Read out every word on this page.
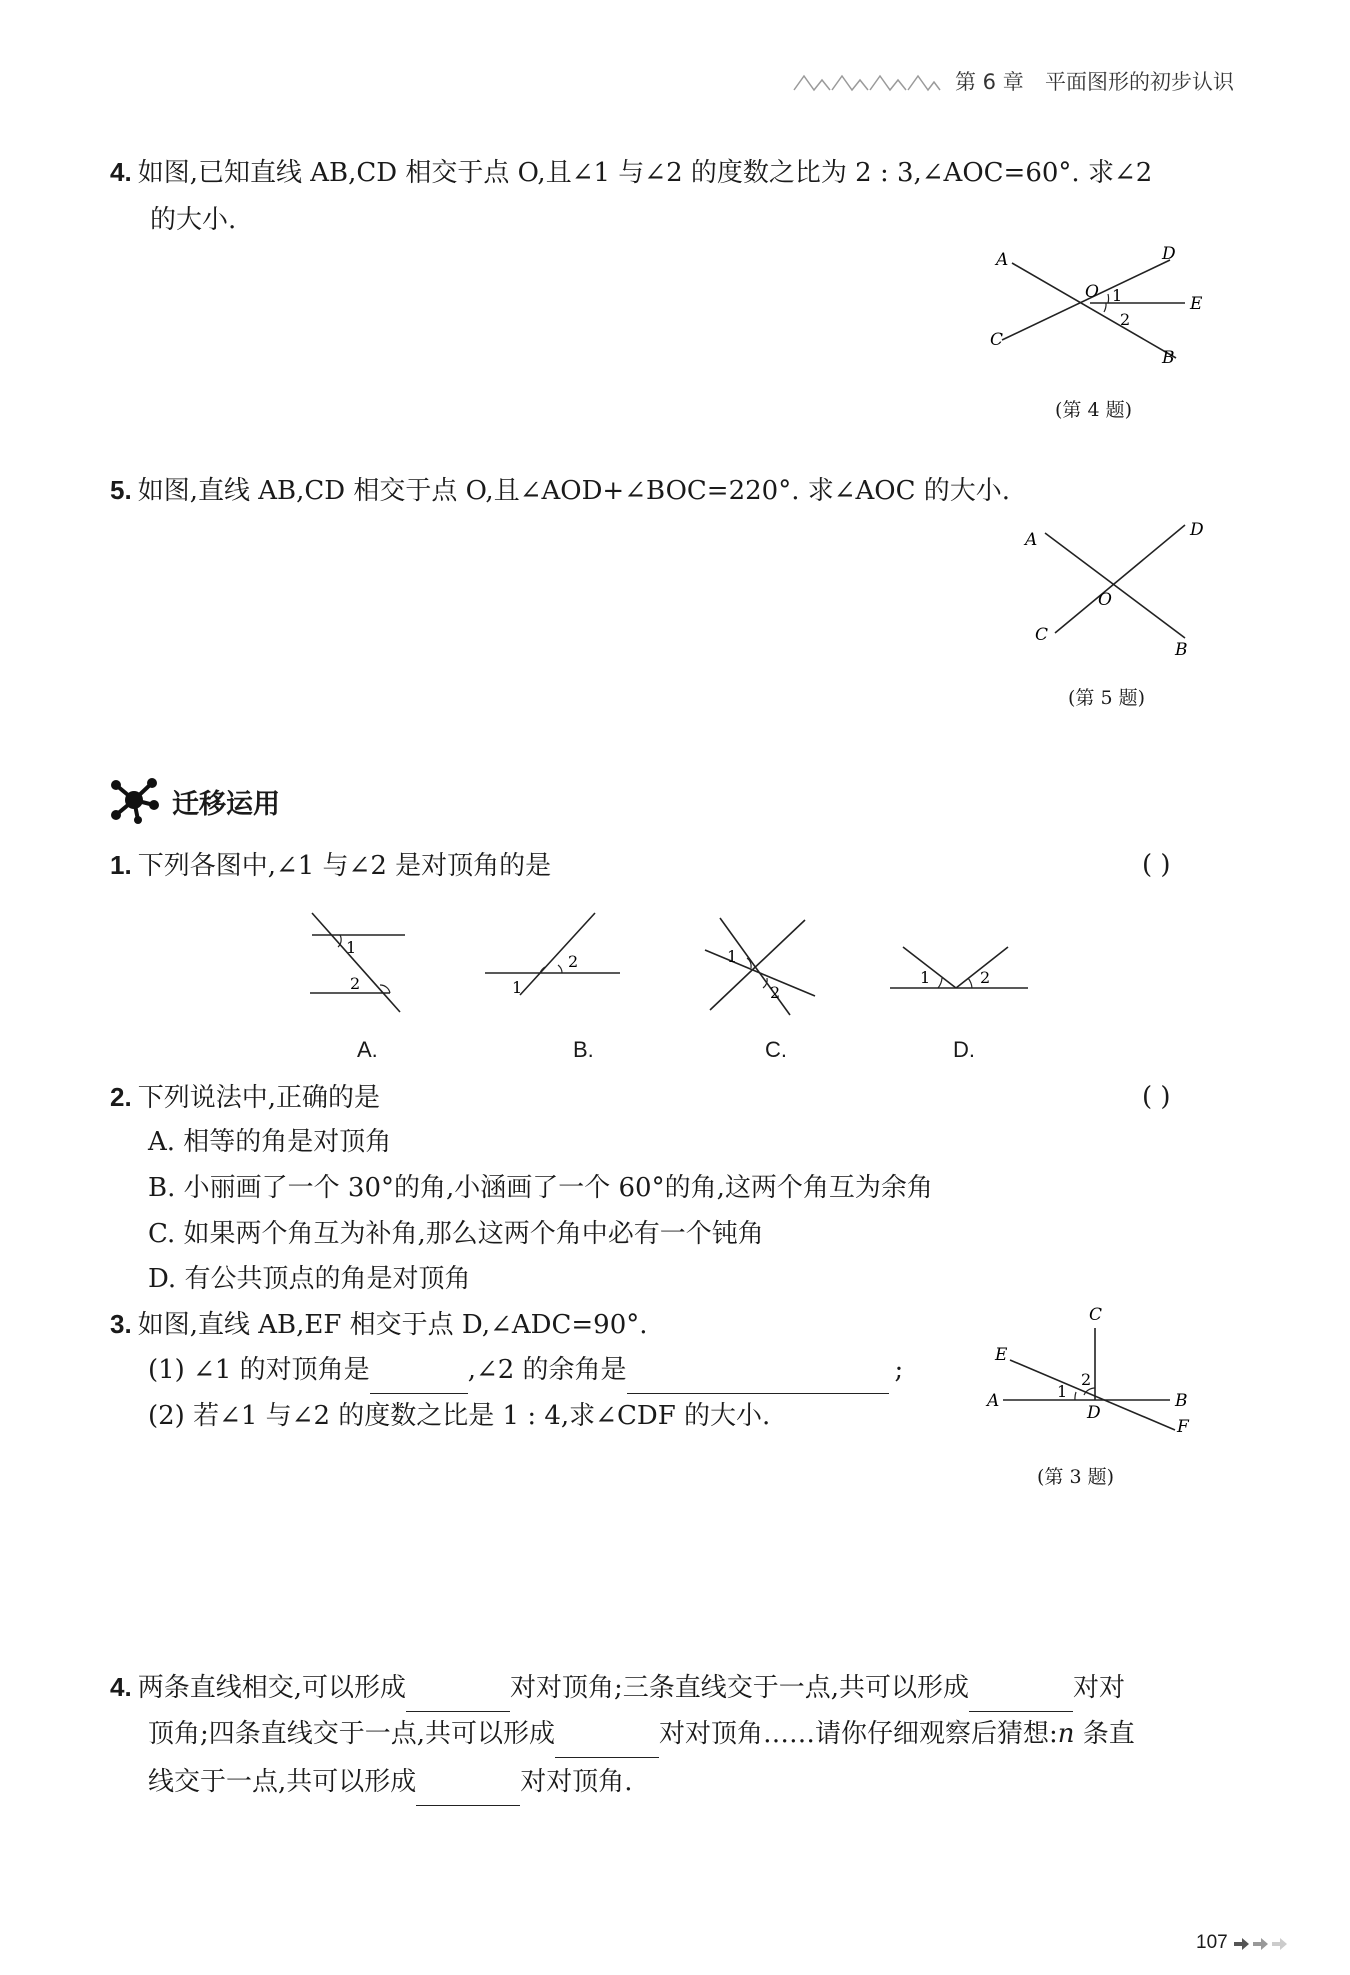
第 6 章 平面图形的初步认识
4. 如图,已知直线 AB,CD 相交于点 O,且∠1 与∠2 的度数之比为 2 : 3,∠AOC=60°. 求∠2
的大小.
A
B
C
D
E
O 1
2
(第 4 题)
5. 如图,直线 AB,CD 相交于点 O,且∠AOD+∠BOC=220°. 求∠AOC 的大小.
A
B
C
D
O
(第 5 题)
迁移运用
1. 下列各图中,∠1 与∠2 是对顶角的是	( )
1
2	1
2	1
2
1	2
A.	B.	C.	D.
2. 下列说法中,正确的是	( )
A. 相等的角是对顶角
B. 小丽画了一个 30°的角,小涵画了一个 60°的角,这两个角互为余角
C. 如果两个角互为补角,那么这两个角中必有一个钝角
D. 有公共顶点的角是对顶角
3. 如图,直线 AB,EF 相交于点 D,∠ADC=90°.
(1) ∠1 的对顶角是	,∠2 的余角是	;
(2) 若∠1 与∠2 的度数之比是 1 : 4,求∠CDF 的大小.
C
E
A	B
D
F
1
2
(第 3 题)
4. 两条直线相交,可以形成	对对顶角;三条直线交于一点,共可以形成	对对
顶角;四条直线交于一点,共可以形成	对对顶角……请你仔细观察后猜想:n 条直
线交于一点,共可以形成	对对顶角.
107
